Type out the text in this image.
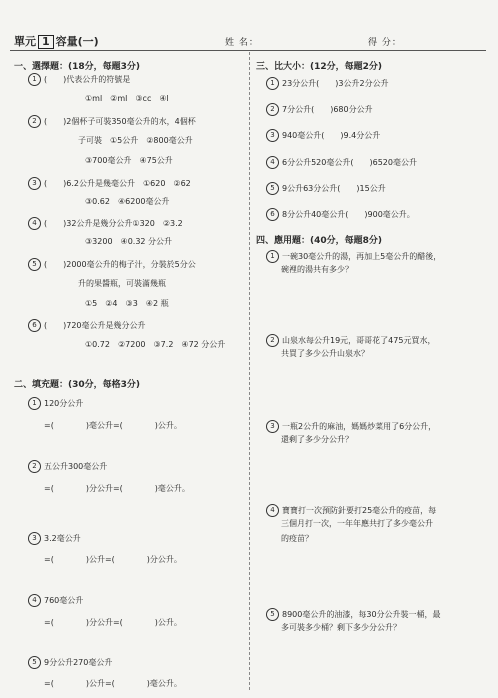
單元 1 容量(一)	姓 名：	得 分：
一、選擇題：(18分，每題3分)
1 (　　)代表公升的符號是
①ml　②ml　③cc　④l
2 (　　)2個杯子可裝350毫公升的水，4個杯
子可裝　①5公升　②800毫公升
③700毫公升　④75公升
3 (　　)6.2公升是幾毫公升　①620　②62
③0.62　④6200毫公升
4 (　　)32公升是幾分公升①320　②3.2
③3200　④0.32 分公升
5 (　　)2000毫公升的梅子汁，分裝於5分公
升的果醬瓶，可裝滿幾瓶
①5　②4　③3　④2 瓶
6 (　　)720毫公升是幾分公升
①0.72　②7200　③7.2　④72 分公升
二、填充題：(30分，每格3分)
1 120分公升
=(　　　　)毫公升=(　　　　)公升。
2 五公升300毫公升
=(　　　　)分公升=(　　　　)毫公升。
3 3.2毫公升
=(　　　　)公升=(　　　　)分公升。
4 760毫公升
=(　　　　)分公升=(　　　　)公升。
5 9分公升270毫公升
=(　　　　)公升=(　　　　)毫公升。
三、比大小：(12分，每題2分)
1 23分公升(　　)3公升2分公升
2 7分公升(　　)680分公升
3 940毫公升(　　)9.4分公升
4 6分公升520毫公升(　　)6520毫公升
5 9公升63分公升(　　)15公升
6 8分公升40毫公升(　　)900毫公升。
四、應用題：(40分，每題8分)
1 一碗30毫公升的湯，再加上5毫公升的醋後，
碗裡的湯共有多少？
2 山泉水每公升19元，哥哥花了475元買水，
共買了多少公升山泉水？
3 一瓶2公升的麻油，媽媽炒菜用了6分公升，
還剩了多少分公升？
4 寶寶打一次預防針要打25毫公升的疫苗，每
三個月打一次，一年年應共打了多少毫公升
的疫苗？
5 8900毫公升的油漆，每30分公升裝一桶，最
多可裝多少桶？剩下多少分公升？
